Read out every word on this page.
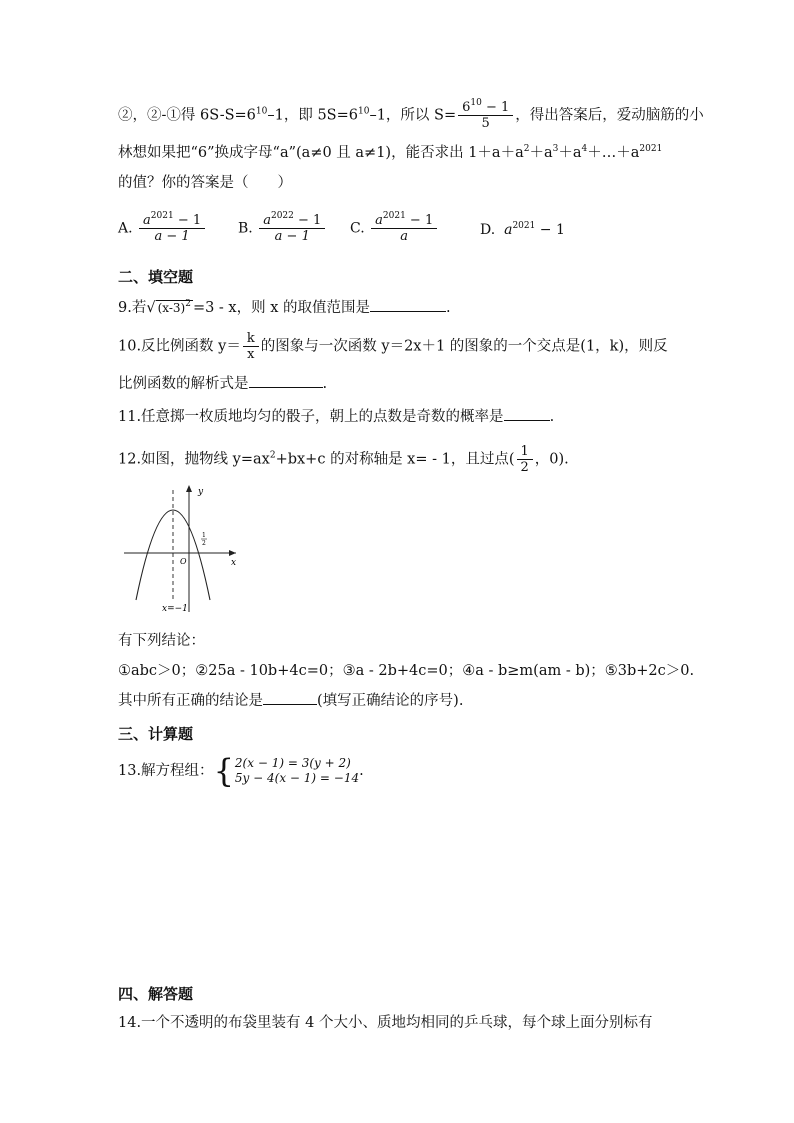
②，②-①得 $6S-S=6^{10}-1$，即 $5S=6^{10}-1$，所以 $S= \frac{6^{10} - 1}{5}$ ，得出答案后，爱动脑筋的小
林想如果把“6”换成字母“a”(a≠0 且 a≠1)，能否求出 $1+a+a^2+a^3+a^4+\dots+a^{2021}$
的值？你的答案是（　　）
A. $\frac{a^{2021} - 1}{a - 1} B$. $\frac{a^{2022} - 1}{a - 1} C$. $\frac{a^{2021} - 1}{a}$	D. $a^{2021} - 1$
二、填空题
9.若√ $(x-3)^2 =3 - x$，则 x 的取值范围是	.
10.反比例函数 $y= \frac{k}{x}$ 的图象与一次函数 y＝2x＋1 的图象的一个交点是(1，k)，则反
比例函数的解析式是	.
11.任意掷一枚质地均匀的骰子，朝上的点数是奇数的概率是	.
12.如图，抛物线 $y=ax^2+bx+c$ 的对称轴是 x= - 1，且过点( $\frac{1}{2}$ ，0).
y
x
O
1
2
x=−1
有下列结论：
①abc＞0；②25a - 10b+4c=0；③a - 2b+4c=0；④a - b≥m(am - b)；⑤3b+2c＞0.
其中所有正确的结论是	(填写正确结论的序号).
三、计算题
13.解方程组： { 2(x − 1) = 3(y + 2)
5y − 4(x − 1) = −14 .
四、解答题
14.一个不透明的布袋里装有 4 个大小、质地均相同的乒乓球，每个球上面分别标有
